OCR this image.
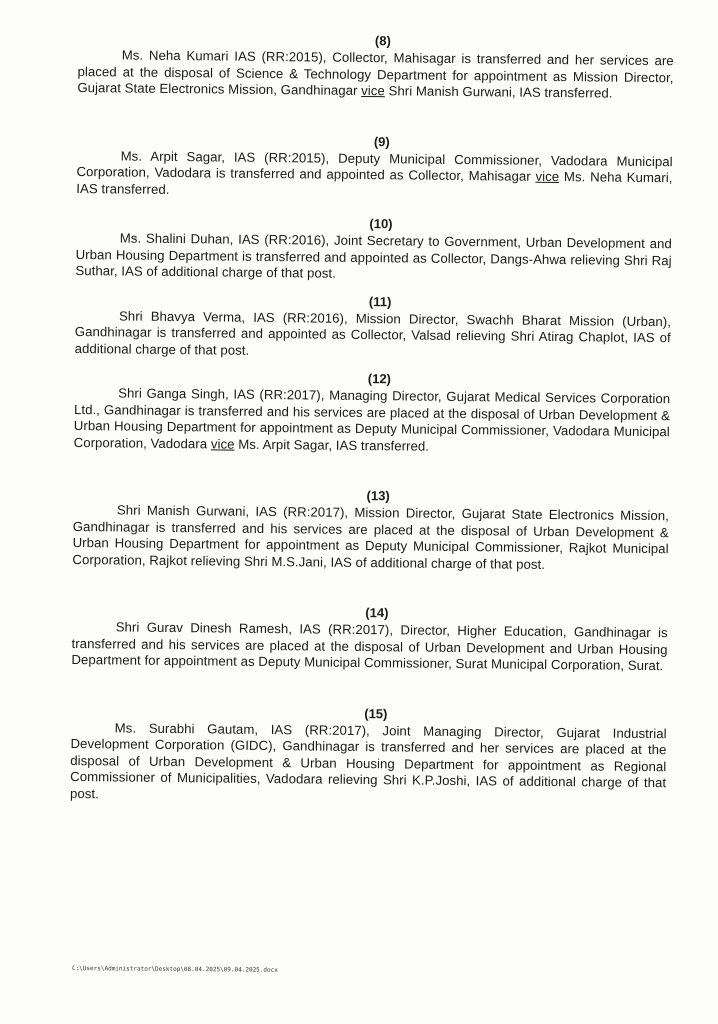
(8)

Ms. Neha Kumari IAS (RR:2015), Collector, Mahisagar is transferred and her services are placed at the disposal of Science & Technology Department for appointment as Mission Director, Gujarat State Electronics Mission, Gandhinagar vice Shri Manish Gurwani, IAS transferred.

(9)

Ms. Arpit Sagar, IAS (RR:2015), Deputy Municipal Commissioner, Vadodara Municipal Corporation, Vadodara is transferred and appointed as Collector, Mahisagar vice Ms. Neha Kumari, IAS transferred.

(10)

Ms. Shalini Duhan, IAS (RR:2016), Joint Secretary to Government, Urban Development and Urban Housing Department is transferred and appointed as Collector, Dangs-Ahwa relieving Shri Raj Suthar, IAS of additional charge of that post.

(11)

Shri Bhavya Verma, IAS (RR:2016), Mission Director, Swachh Bharat Mission (Urban), Gandhinagar is transferred and appointed as Collector, Valsad relieving Shri Atirag Chaplot, IAS of additional charge of that post.

(12)

Shri Ganga Singh, IAS (RR:2017), Managing Director, Gujarat Medical Services Corporation Ltd., Gandhinagar is transferred and his services are placed at the disposal of Urban Development & Urban Housing Department for appointment as Deputy Municipal Commissioner, Vadodara Municipal Corporation, Vadodara vice Ms. Arpit Sagar, IAS transferred.

(13)

Shri Manish Gurwani, IAS (RR:2017), Mission Director, Gujarat State Electronics Mission, Gandhinagar is transferred and his services are placed at the disposal of Urban Development & Urban Housing Department for appointment as Deputy Municipal Commissioner, Rajkot Municipal Corporation, Rajkot relieving Shri M.S.Jani, IAS of additional charge of that post.

(14)

Shri Gurav Dinesh Ramesh, IAS (RR:2017), Director, Higher Education, Gandhinagar is transferred and his services are placed at the disposal of Urban Development and Urban Housing Department for appointment as Deputy Municipal Commissioner, Surat Municipal Corporation, Surat.

(15)

Ms. Surabhi Gautam, IAS (RR:2017), Joint Managing Director, Gujarat Industrial Development Corporation (GIDC), Gandhinagar is transferred and her services are placed at the disposal of Urban Development & Urban Housing Department for appointment as Regional Commissioner of Municipalities, Vadodara relieving Shri K.P.Joshi, IAS of additional charge of that post.

C:\Users\Administrator\Desktop\08.04.2025\09.04.2025.docx
